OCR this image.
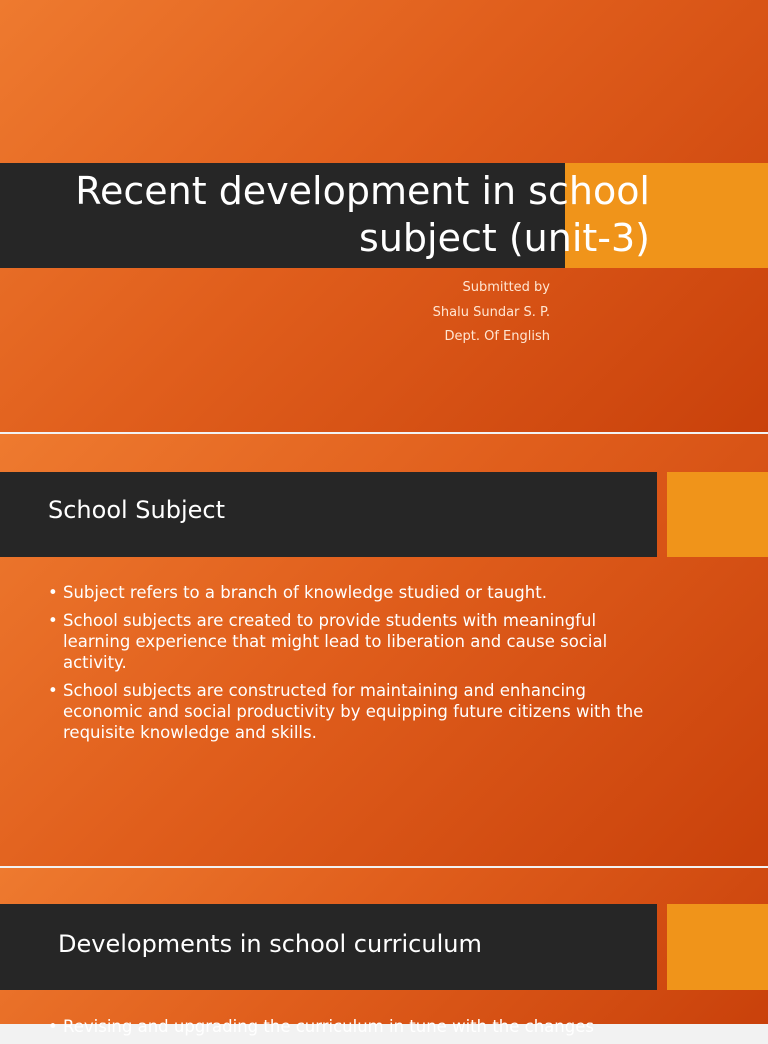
Recent development in school
subject (unit-3)
Submitted by
Shalu Sundar S. P.
Dept. Of English
School Subject
• Subject refers to a branch of knowledge studied or taught.
• School subjects are created to provide students with meaningful learning experience that might lead to liberation and cause social activity.
• School subjects are constructed for maintaining and enhancing economic and social productivity by equipping future citizens with the requisite knowledge and skills.
Developments in school curriculum
• Revising and upgrading the curriculum in tune with the changes
